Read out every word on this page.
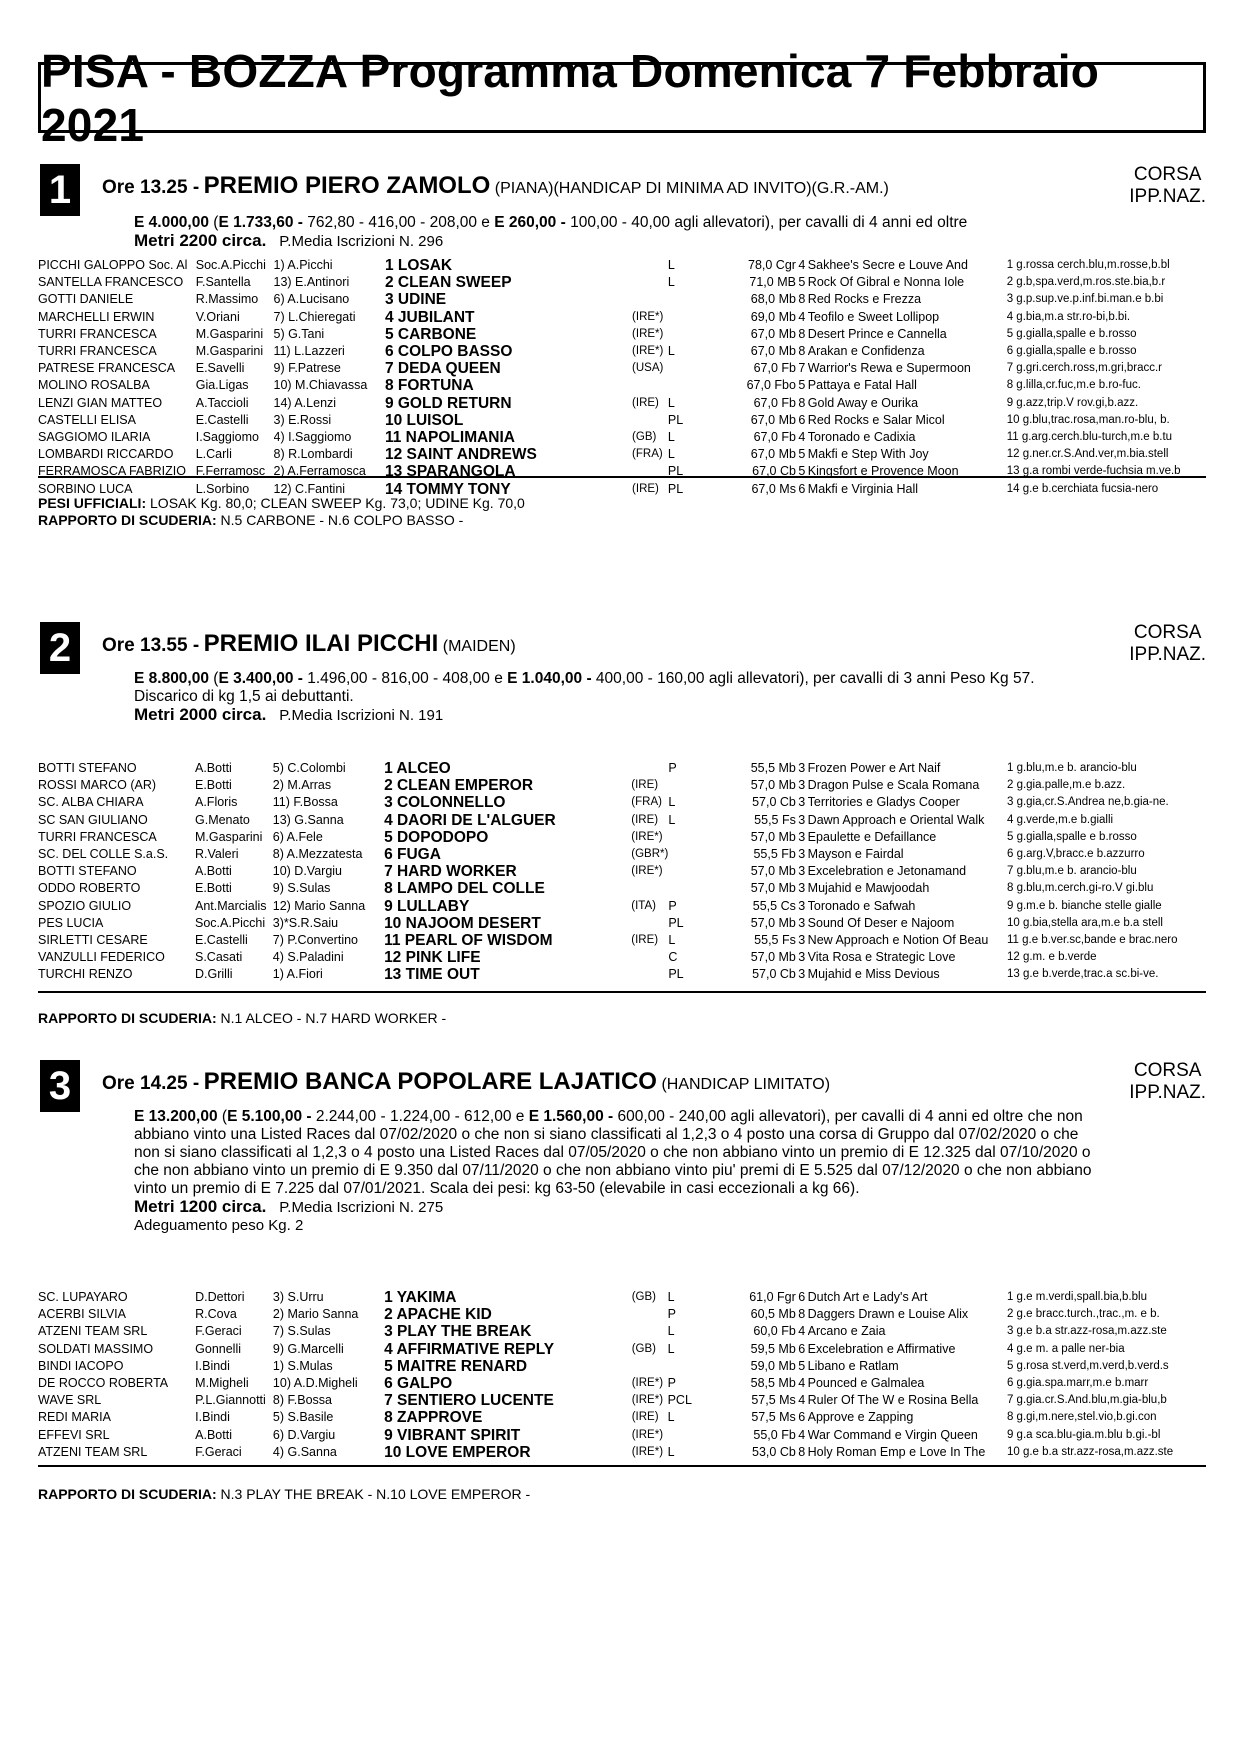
PISA - BOZZA Programma Domenica 7 Febbraio 2021
1	Ore 13.25 - PREMIO PIERO ZAMOLO (PIANA)(HANDICAP DI MINIMA AD INVITO)(G.R.-AM.)
CORSA
IPP.NAZ.
E 4.000,00 (E 1.733,60 - 762,80 - 416,00 - 208,00 e E 260,00 - 100,00 - 40,00 agli allevatori), per cavalli di 4 anni ed oltre
Metri 2200 circa. P.Media Iscrizioni N. 296
PICCHI GALOPPO Soc. Al	Soc.A.Picchi	1) A.Picchi	1 LOSAK		L	78,0 Cgr	4	Sakhee's Secre e Louve And	1 g.rossa cerch.blu,m.rosse,b.bl
SANTELLA FRANCESCO	F.Santella	13) E.Antinori	2 CLEAN SWEEP		L	71,0 MB	5	Rock Of Gibral e Nonna Iole	2 g.b,spa.verd,m.ros.ste.bia,b.r
GOTTI DANIELE	R.Massimo	6) A.Lucisano	3 UDINE			68,0 Mb	8	Red Rocks e Frezza	3 g.p.sup.ve.p.inf.bi.man.e b.bi
MARCHELLI ERWIN	V.Oriani	7) L.Chieregati	4 JUBILANT	(IRE*)		69,0 Mb	4	Teofilo e Sweet Lollipop	4 g.bia,m.a str.ro-bi,b.bi.
TURRI FRANCESCA	M.Gasparini	5) G.Tani	5 CARBONE	(IRE*)		67,0 Mb	8	Desert Prince e Cannella	5 g.gialla,spalle e b.rosso
TURRI FRANCESCA	M.Gasparini	11) L.Lazzeri	6 COLPO BASSO	(IRE*)	L	67,0 Mb	8	Arakan e Confidenza	6 g.gialla,spalle e b.rosso
PATRESE FRANCESCA	E.Savelli	9) F.Patrese	7 DEDA QUEEN	(USA)		67,0 Fb	7	Warrior's Rewa e Supermoon	7 g.gri.cerch.ross,m.gri,bracc.r
MOLINO ROSALBA	Gia.Ligas	10) M.Chiavassa	8 FORTUNA			67,0 Fbo	5	Pattaya e Fatal Hall	8 g.lilla,cr.fuc,m.e b.ro-fuc.
LENZI GIAN MATTEO	A.Taccioli	14) A.Lenzi	9 GOLD RETURN	(IRE)	L	67,0 Fb	8	Gold Away e Ourika	9 g.azz,trip.V rov.gi,b.azz.
CASTELLI ELISA	E.Castelli	3) E.Rossi	10 LUISOL		PL	67,0 Mb	6	Red Rocks e Salar Micol	10 g.blu,trac.rosa,man.ro-blu, b.
SAGGIOMO ILARIA	I.Saggiomo	4) I.Saggiomo	11 NAPOLIMANIA	(GB)	L	67,0 Fb	4	Toronado e Cadixia	11 g.arg.cerch.blu-turch,m.e b.tu
LOMBARDI RICCARDO	L.Carli	8) R.Lombardi	12 SAINT ANDREWS	(FRA)	L	67,0 Mb	5	Makfi e Step With Joy	12 g.ner.cr.S.And.ver,m.bia.stell
FERRAMOSCA FABRIZIO	F.Ferramosc	2) A.Ferramosca	13 SPARANGOLA		PL	67,0 Cb	5	Kingsfort e Provence Moon	13 g.a rombi verde-fuchsia m.ve.b
SORBINO LUCA	L.Sorbino	12) C.Fantini	14 TOMMY TONY	(IRE)	PL	67,0 Ms	6	Makfi e Virginia Hall	14 g.e b.cerchiata fucsia-nero
PESI UFFICIALI: LOSAK Kg. 80,0; CLEAN SWEEP Kg. 73,0; UDINE Kg. 70,0
RAPPORTO DI SCUDERIA: N.5 CARBONE - N.6 COLPO BASSO -
2	Ore 13.55 - PREMIO ILAI PICCHI (MAIDEN)
CORSA
IPP.NAZ.
E 8.800,00 (E 3.400,00 - 1.496,00 - 816,00 - 408,00 e E 1.040,00 - 400,00 - 160,00 agli allevatori), per cavalli di 3 anni Peso Kg 57. Discarico di kg 1,5 ai debuttanti.
Metri 2000 circa. P.Media Iscrizioni N. 191
BOTTI STEFANO	A.Botti	5) C.Colombi	1 ALCEO		P	55,5 Mb	3	Frozen Power e Art Naif	1 g.blu,m.e b. arancio-blu
ROSSI MARCO (AR)	E.Botti	2) M.Arras	2 CLEAN EMPEROR	(IRE)		57,0 Mb	3	Dragon Pulse e Scala Romana	2 g.gia.palle,m.e b.azz.
SC. ALBA CHIARA	A.Floris	11) F.Bossa	3 COLONNELLO	(FRA)	L	57,0 Cb	3	Territories e Gladys Cooper	3 g.gia,cr.S.Andrea ne,b.gia-ne.
SC SAN GIULIANO	G.Menato	13) G.Sanna	4 DAORI DE L'ALGUER	(IRE)	L	55,5 Fs	3	Dawn Approach e Oriental Walk	4 g.verde,m.e b.gialli
TURRI FRANCESCA	M.Gasparini	6) A.Fele	5 DOPODOPO	(IRE*)		57,0 Mb	3	Epaulette e Defaillance	5 g.gialla,spalle e b.rosso
SC. DEL COLLE S.a.S.	R.Valeri	8) A.Mezzatesta	6 FUGA	(GBR*)		55,5 Fb	3	Mayson e Fairdal	6 g.arg.V,bracc.e b.azzurro
BOTTI STEFANO	A.Botti	10) D.Vargiu	7 HARD WORKER	(IRE*)		57,0 Mb	3	Excelebration e Jetonamand	7 g.blu,m.e b. arancio-blu
ODDO ROBERTO	E.Botti	9) S.Sulas	8 LAMPO DEL COLLE			57,0 Mb	3	Mujahid e Mawjoodah	8 g.blu,m.cerch.gi-ro.V gi.blu
SPOZIO GIULIO	Ant.Marcialis	12) Mario Sanna	9 LULLABY	(ITA)	P	55,5 Cs	3	Toronado e Safwah	9 g.m.e b. bianche stelle gialle
PES LUCIA	Soc.A.Picchi	3)*S.R.Saiu	10 NAJOOM DESERT		PL	57,0 Mb	3	Sound Of Deser e Najoom	10 g.bia,stella ara,m.e b.a stell
SIRLETTI CESARE	E.Castelli	7) P.Convertino	11 PEARL OF WISDOM	(IRE)	L	55,5 Fs	3	New Approach e Notion Of Beau	11 g.e b.ver.sc,bande e brac.nero
VANZULLI FEDERICO	S.Casati	4) S.Paladini	12 PINK LIFE		C	57,0 Mb	3	Vita Rosa e Strategic Love	12 g.m. e b.verde
TURCHI RENZO	D.Grilli	1) A.Fiori	13 TIME OUT		PL	57,0 Cb	3	Mujahid e Miss Devious	13 g.e b.verde,trac.a sc.bi-ve.
RAPPORTO DI SCUDERIA: N.1 ALCEO - N.7 HARD WORKER -
3	Ore 14.25 - PREMIO BANCA POPOLARE LAJATICO (HANDICAP LIMITATO)
CORSA
IPP.NAZ.
E 13.200,00 (E 5.100,00 - 2.244,00 - 1.224,00 - 612,00 e E 1.560,00 - 600,00 - 240,00 agli allevatori), per cavalli di 4 anni ed oltre che non abbiano vinto una Listed Races dal 07/02/2020 o che non si siano classificati al 1,2,3 o 4 posto una corsa di Gruppo dal 07/02/2020 o che non si siano classificati al 1,2,3 o 4 posto una Listed Races dal 07/05/2020 o che non abbiano vinto un premio di E 12.325 dal 07/10/2020 o che non abbiano vinto un premio di E 9.350 dal 07/11/2020 o che non abbiano vinto piu' premi di E 5.525 dal 07/12/2020 o che non abbiano vinto un premio di E 7.225 dal 07/01/2021. Scala dei pesi: kg 63-50 (elevabile in casi eccezionali a kg 66).
Metri 1200 circa. P.Media Iscrizioni N. 275
Adeguamento peso Kg. 2
SC. LUPAYARO	D.Dettori	3) S.Urru	1 YAKIMA	(GB)	L	61,0 Fgr	6	Dutch Art e Lady's Art	1 g.e m.verdi,spall.bia,b.blu
ACERBI SILVIA	R.Cova	2) Mario Sanna	2 APACHE KID		P	60,5 Mb	8	Daggers Drawn e Louise Alix	2 g.e bracc.turch.,trac.,m. e b.
ATZENI TEAM SRL	F.Geraci	7) S.Sulas	3 PLAY THE BREAK		L	60,0 Fb	4	Arcano e Zaia	3 g.e b.a str.azz-rosa,m.azz.ste
SOLDATI MASSIMO	Gonnelli	9) G.Marcelli	4 AFFIRMATIVE REPLY	(GB)	L	59,5 Mb	6	Excelebration e Affirmative	4 g.e m. a palle ner-bia
BINDI IACOPO	I.Bindi	1) S.Mulas	5 MAITRE RENARD			59,0 Mb	5	Libano e Ratlam	5 g.rosa st.verd,m.verd,b.verd.s
DE ROCCO ROBERTA	M.Migheli	10) A.D.Migheli	6 GALPO	(IRE*)	P	58,5 Mb	4	Pounced e Galmalea	6 g.gia.spa.marr,m.e b.marr
WAVE SRL	P.L.Giannotti	8) F.Bossa	7 SENTIERO LUCENTE	(IRE*)	PCL	57,5 Ms	4	Ruler Of The W e Rosina Bella	7 g.gia.cr.S.And.blu,m.gia-blu,b
REDI MARIA	I.Bindi	5) S.Basile	8 ZAPPROVE	(IRE)	L	57,5 Ms	6	Approve e Zapping	8 g.gi,m.nere,stel.vio,b.gi.con
EFFEVI SRL	A.Botti	6) D.Vargiu	9 VIBRANT SPIRIT	(IRE*)		55,0 Fb	4	War Command e Virgin Queen	9 g.a sca.blu-gia.m.blu b.gi.-bl
ATZENI TEAM SRL	F.Geraci	4) G.Sanna	10 LOVE EMPEROR	(IRE*)	L	53,0 Cb	8	Holy Roman Emp e Love In The	10 g.e b.a str.azz-rosa,m.azz.ste
RAPPORTO DI SCUDERIA: N.3 PLAY THE BREAK - N.10 LOVE EMPEROR -
